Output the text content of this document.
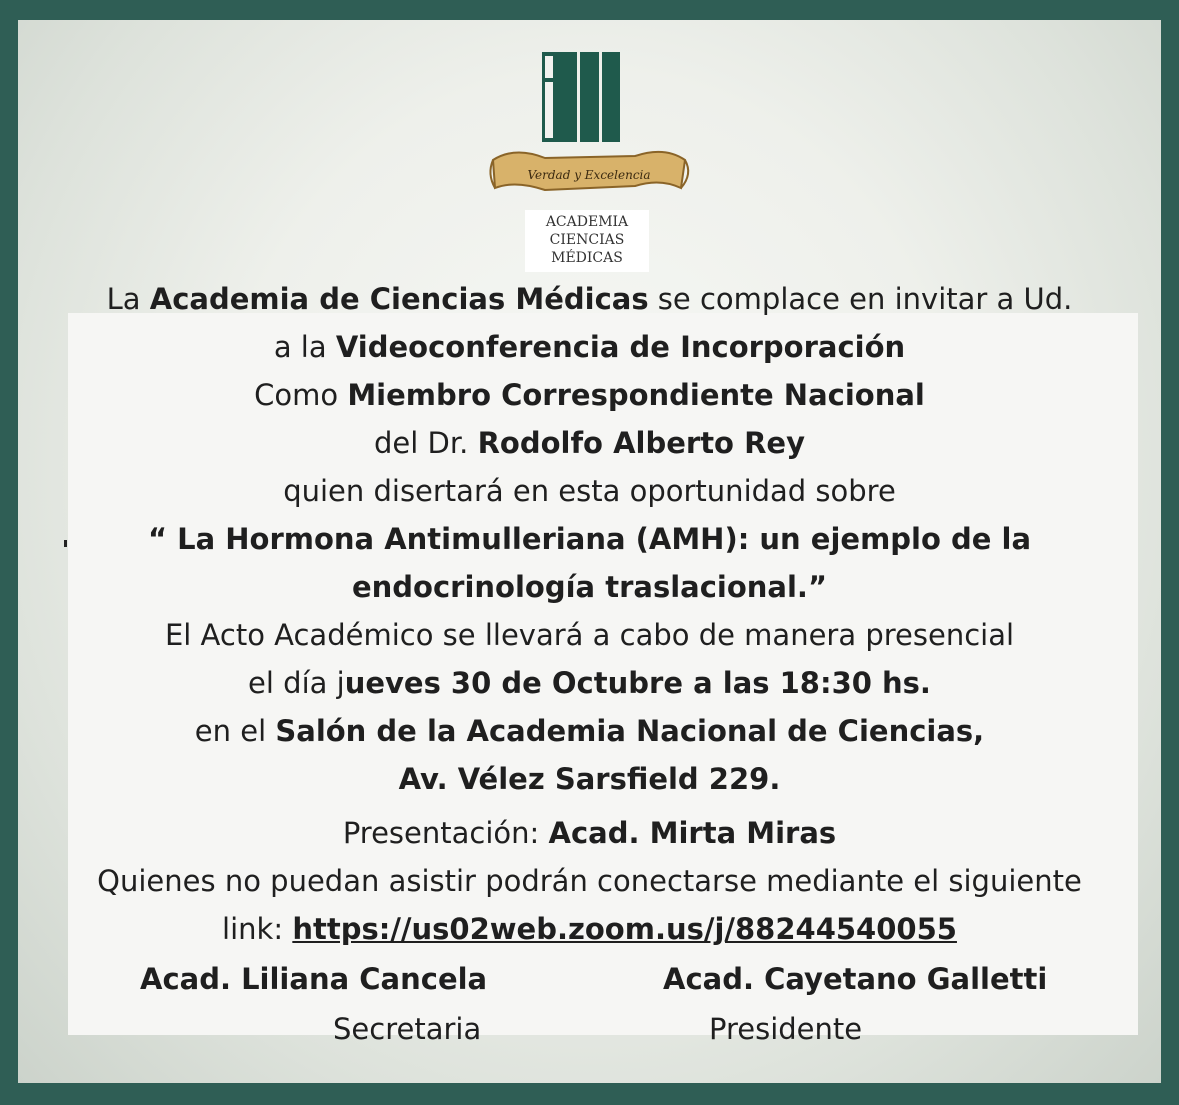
Verdad y Excelencia
ACADEMIA
CIENCIAS
MÉDICAS
La Academia de Ciencias Médicas se complace en invitar a Ud.
a la Videoconferencia de Incorporación
Como Miembro Correspondiente Nacional
del Dr. Rodolfo Alberto Rey
quien disertará en esta oportunidad sobre
“ La Hormona Antimulleriana (AMH): un ejemplo de la
endocrinología traslacional.”
El Acto Académico se llevará a cabo de manera presencial
el día jueves 30 de Octubre a las 18:30 hs.
en el Salón de la Academia Nacional de Ciencias,
Av. Vélez Sarsfield 229.
Presentación: Acad. Mirta Miras
Quienes no puedan asistir podrán conectarse mediante el siguiente
link: https://us02web.zoom.us/j/88244540055
Acad. Liliana Cancela
Secretaria
Acad. Cayetano Galletti
Presidente
